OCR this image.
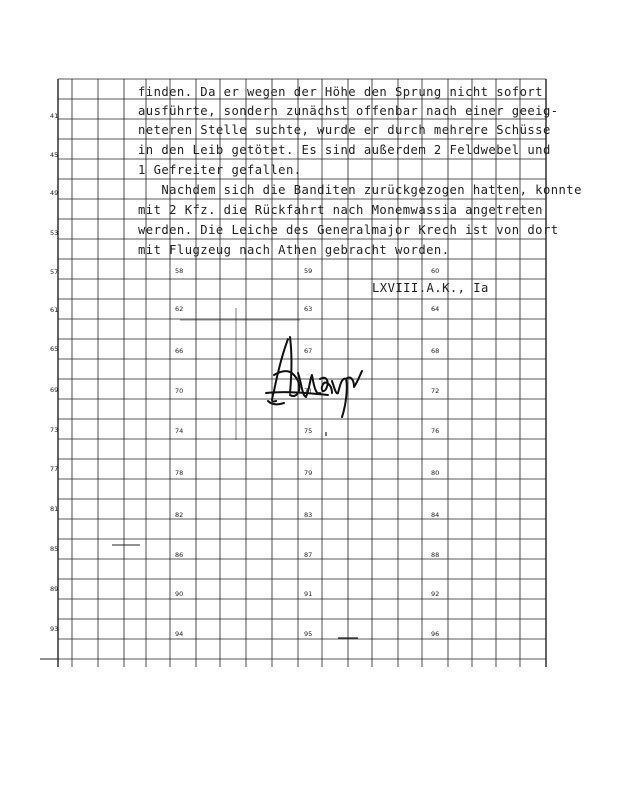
finden. Da er wegen der Höhe den Sprung nicht sofort

ausführte, sondern zunächst offenbar nach einer geeig-

neteren Stelle suchte, wurde er durch mehrere Schüsse

in den Leib getötet. Es sind außerdem 2 Feldwebel und

1 Gefreiter gefallen.

Nachdem sich die Banditen zurückgezogen hatten, konnte

mit 2 Kfz. die Rückfahrt nach Monemwassia angetreten

werden. Die Leiche des Generalmajor Krech ist von dort

mit Flugzeug nach Athen gebracht worden.

LXVIII.A.K., Ia

41
45
49
53
57
61
65
69
73
77
81
85
89
93
58	59	60
62	63	64
66	67	68
70	71	72
74	75	76
78	79	80
82	83	84
86	87	88
90	91	92
94	95	96
